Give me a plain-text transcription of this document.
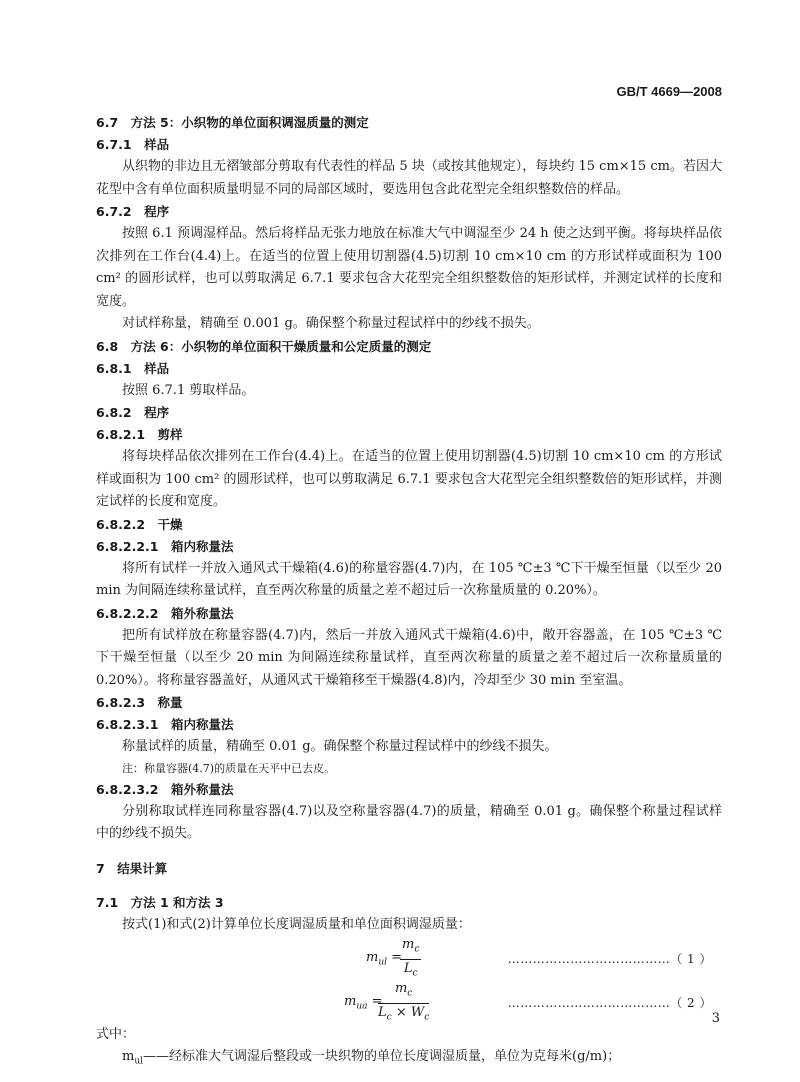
GB/T 4669—2008
6.7　方法 5：小织物的单位面积调湿质量的测定
6.7.1　样品
从织物的非边且无褶皱部分剪取有代表性的样品 5 块（或按其他规定），每块约 15 cm×15 cm。若因大花型中含有单位面积质量明显不同的局部区域时，要选用包含此花型完全组织整数倍的样品。
6.7.2　程序
按照 6.1 预调湿样品。然后将样品无张力地放在标准大气中调湿至少 24 h 使之达到平衡。将每块样品依次排列在工作台(4.4)上。在适当的位置上使用切割器(4.5)切割 10 cm×10 cm 的方形试样或面积为 100 cm² 的圆形试样，也可以剪取满足 6.7.1 要求包含大花型完全组织整数倍的矩形试样，并测定试样的长度和宽度。
对试样称量，精确至 0.001 g。确保整个称量过程试样中的纱线不损失。
6.8　方法 6：小织物的单位面积干燥质量和公定质量的测定
6.8.1　样品
按照 6.7.1 剪取样品。
6.8.2　程序
6.8.2.1　剪样
将每块样品依次排列在工作台(4.4)上。在适当的位置上使用切割器(4.5)切割 10 cm×10 cm 的方形试样或面积为 100 cm² 的圆形试样，也可以剪取满足 6.7.1 要求包含大花型完全组织整数倍的矩形试样，并测定试样的长度和宽度。
6.8.2.2　干燥
6.8.2.2.1　箱内称量法
将所有试样一并放入通风式干燥箱(4.6)的称量容器(4.7)内，在 105 ℃±3 ℃下干燥至恒量（以至少 20 min 为间隔连续称量试样，直至两次称量的质量之差不超过后一次称量质量的 0.20%）。
6.8.2.2.2　箱外称量法
把所有试样放在称量容器(4.7)内，然后一并放入通风式干燥箱(4.6)中，敞开容器盖，在 105 ℃±3 ℃下干燥至恒量（以至少 20 min 为间隔连续称量试样，直至两次称量的质量之差不超过后一次称量质量的 0.20%）。将称量容器盖好，从通风式干燥箱移至干燥器(4.8)内，冷却至少 30 min 至室温。
6.8.2.3　称量
6.8.2.3.1　箱内称量法
称量试样的质量，精确至 0.01 g。确保整个称量过程试样中的纱线不损失。
注：称量容器(4.7)的质量在天平中已去皮。
6.8.2.3.2　箱外称量法
分别称取试样连同称量容器(4.7)以及空称量容器(4.7)的质量，精确至 0.01 g。确保整个称量过程试样中的纱线不损失。
7　结果计算
7.1　方法 1 和方法 3
按式(1)和式(2)计算单位长度调湿质量和单位面积调湿质量：
$m_{ul}$ =
$\frac{m_c}{L_c}$	…………………………………（ 1 ）
$m_{ua}$ =
$\frac{m_c}{L_c \times W_c}$	…………………………………（ 2 ）
式中：
$m_{ul}——$经标准大气调湿后整段或一块织物的单位长度调湿质量，单位为克每米(g/m)；
3
